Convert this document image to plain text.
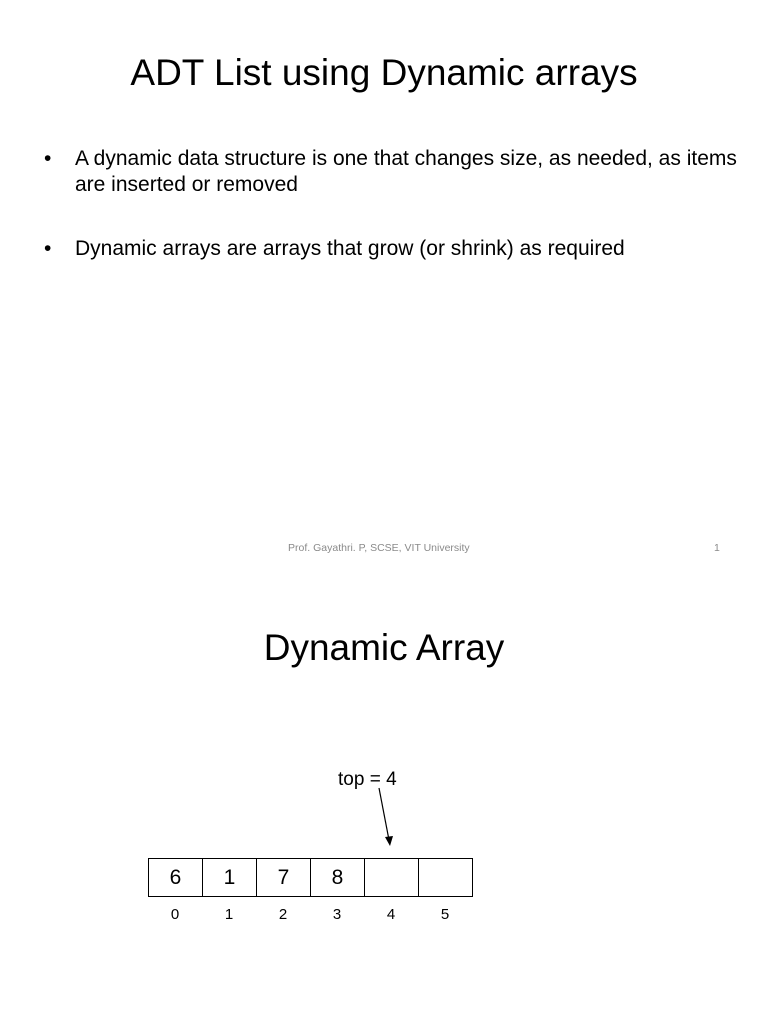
ADT List using Dynamic arrays
• A dynamic data structure is one that changes size, as needed, as items are inserted or removed
• Dynamic arrays are arrays that grow (or shrink) as required
Prof. Gayathri. P, SCSE, VIT University	1
Dynamic Array
top = 4
6	1	7	8
0	1	2	3	4	5
